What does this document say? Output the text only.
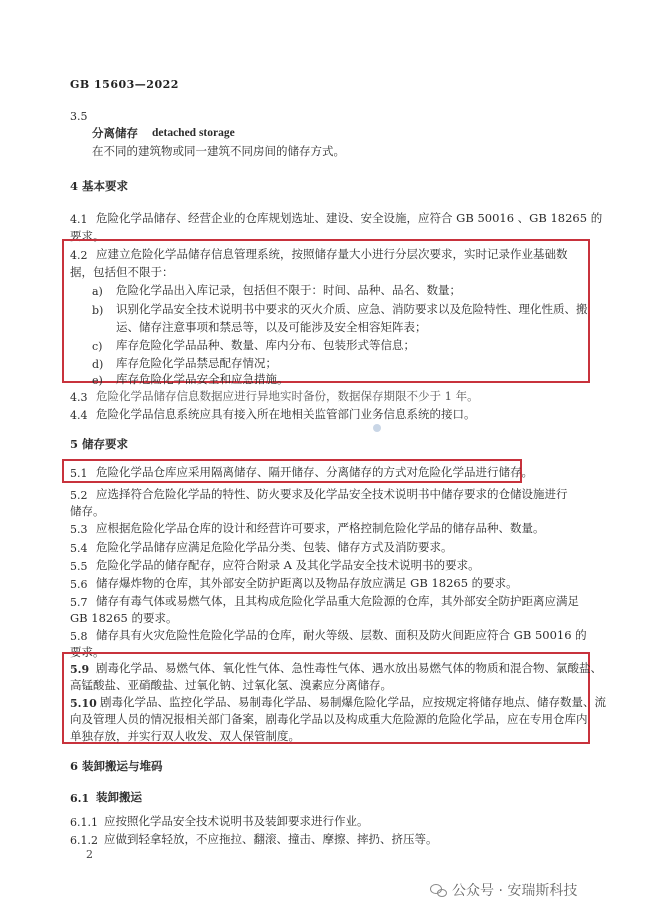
GB 15603—2022
3.5
分离储存 detached storage
在不同的建筑物或同一建筑不同房间的储存方式。
4 基本要求
4.1 危险化学品储存、经营企业的仓库规划选址、建设、安全设施，应符合 GB 50016 、GB 18265 的
要求。
4.2 应建立危险化学品储存信息管理系统，按照储存量大小进行分层次要求，实时记录作业基础数
据，包括但不限于：
a) 危险化学品出入库记录，包括但不限于：时间、品种、品名、数量；
b) 识别化学品安全技术说明书中要求的灭火介质、应急、消防要求以及危险特性、理化性质、搬
运、储存注意事项和禁忌等，以及可能涉及安全相容矩阵表；
c) 库存危险化学品品种、数量、库内分布、包装形式等信息；
d) 库存危险化学品禁忌配存情况；
e) 库存危险化学品安全和应急措施。
4.3 危险化学品储存信息数据应进行异地实时备份，数据保存期限不少于 1 年。
4.4 危险化学品信息系统应具有接入所在地相关监管部门业务信息系统的接口。
5 储存要求
5.1 危险化学品仓库应采用隔离储存、隔开储存、分离储存的方式对危险化学品进行储存。
5.2 应选择符合危险化学品的特性、防火要求及化学品安全技术说明书中储存要求的仓储设施进行
储存。
5.3 应根据危险化学品仓库的设计和经营许可要求，严格控制危险化学品的储存品种、数量。
5.4 危险化学品储存应满足危险化学品分类、包装、储存方式及消防要求。
5.5 危险化学品的储存配存，应符合附录 A 及其化学品安全技术说明书的要求。
5.6 储存爆炸物的仓库，其外部安全防护距离以及物品存放应满足 GB 18265 的要求。
5.7 储存有毒气体或易燃气体，且其构成危险化学品重大危险源的仓库，其外部安全防护距离应满足
GB 18265 的要求。
5.8 储存具有火灾危险性危险化学品的仓库，耐火等级、层数、面积及防火间距应符合 GB 50016 的
要求。
5.9 剧毒化学品、易燃气体、氧化性气体、急性毒性气体、遇水放出易燃气体的物质和混合物、氯酸盐、
高锰酸盐、亚硝酸盐、过氧化钠、过氧化氢、溴素应分离储存。
5.10 剧毒化学品、监控化学品、易制毒化学品、易制爆危险化学品，应按规定将储存地点、储存数量、流
向及管理人员的情况报相关部门备案，剧毒化学品以及构成重大危险源的危险化学品，应在专用仓库内
单独存放，并实行双人收发、双人保管制度。
6 装卸搬运与堆码
6.1 装卸搬运
6.1.1 应按照化学品安全技术说明书及装卸要求进行作业。
6.1.2 应做到轻拿轻放，不应拖拉、翻滚、撞击、摩擦、摔扔、挤压等。
2
公众号 · 安瑞斯科技
